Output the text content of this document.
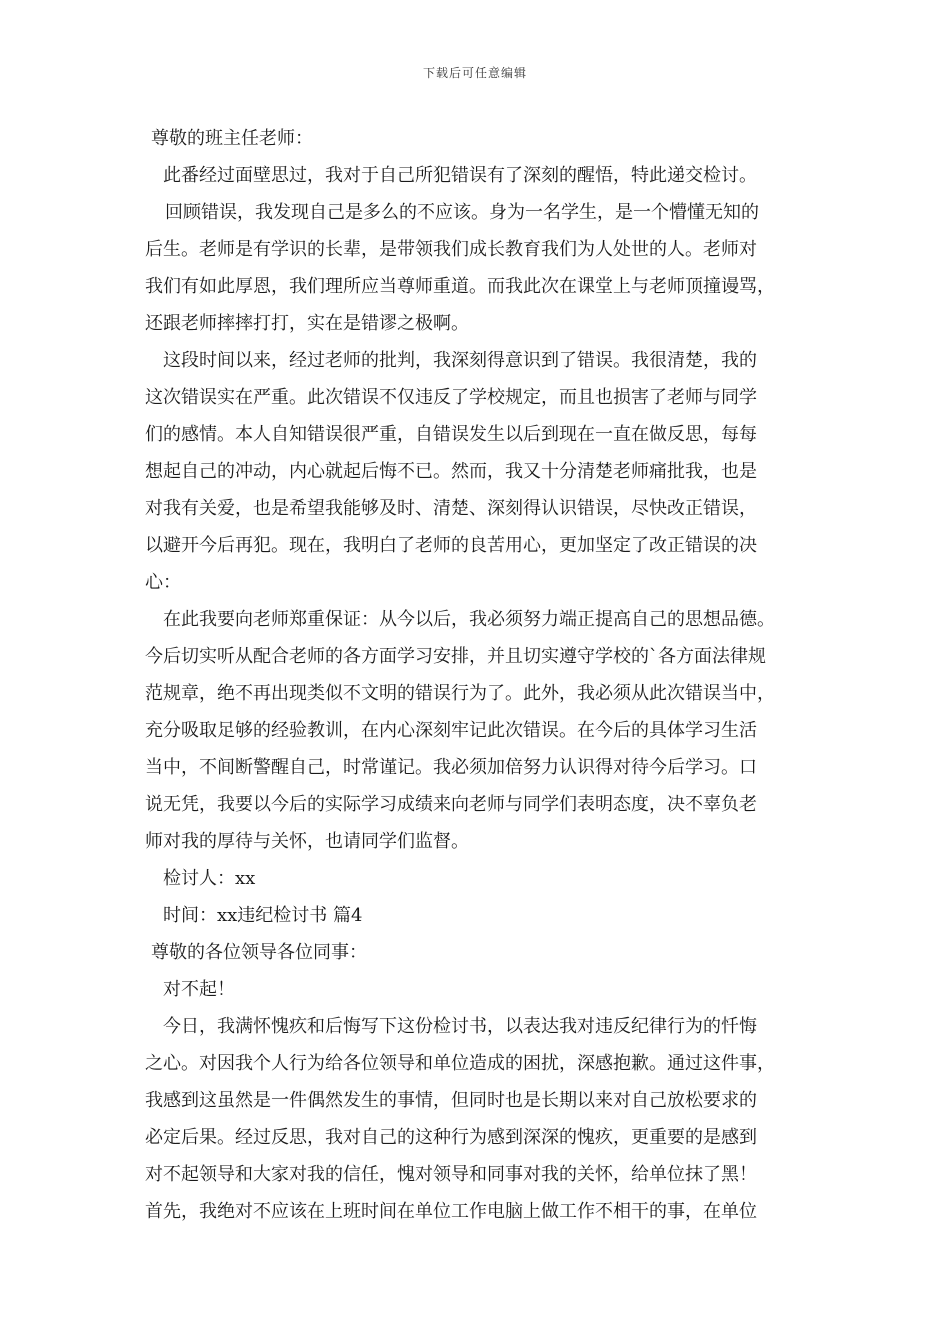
下载后可任意编辑
尊敬的班主任老师：
此番经过面壁思过，我对于自己所犯错误有了深刻的醒悟，特此递交检讨。
回顾错误，我发现自己是多么的不应该。身为一名学生，是一个懵懂无知的
后生。老师是有学识的长辈，是带领我们成长教育我们为人处世的人。老师对
我们有如此厚恩，我们理所应当尊师重道。而我此次在课堂上与老师顶撞谩骂，
还跟老师摔摔打打，实在是错谬之极啊。
这段时间以来，经过老师的批判，我深刻得意识到了错误。我很清楚，我的
这次错误实在严重。此次错误不仅违反了学校规定，而且也损害了老师与同学
们的感情。本人自知错误很严重，自错误发生以后到现在一直在做反思，每每
想起自己的冲动，内心就起后悔不已。然而，我又十分清楚老师痛批我，也是
对我有关爱，也是希望我能够及时、清楚、深刻得认识错误，尽快改正错误，
以避开今后再犯。现在，我明白了老师的良苦用心，更加坚定了改正错误的决
心：
在此我要向老师郑重保证：从今以后，我必须努力端正提高自己的思想品德。
今后切实听从配合老师的各方面学习安排，并且切实遵守学校的`各方面法律规
范规章，绝不再出现类似不文明的错误行为了。此外，我必须从此次错误当中，
充分吸取足够的经验教训，在内心深刻牢记此次错误。在今后的具体学习生活
当中，不间断警醒自己，时常谨记。我必须加倍努力认识得对待今后学习。口
说无凭，我要以今后的实际学习成绩来向老师与同学们表明态度，决不辜负老
师对我的厚待与关怀，也请同学们监督。
检讨人：xx
时间：xx违纪检讨书 篇4
尊敬的各位领导各位同事：
对不起！
今日，我满怀愧疚和后悔写下这份检讨书，以表达我对违反纪律行为的忏悔
之心。对因我个人行为给各位领导和单位造成的困扰，深感抱歉。通过这件事，
我感到这虽然是一件偶然发生的事情，但同时也是长期以来对自己放松要求的
必定后果。经过反思，我对自己的这种行为感到深深的愧疚，更重要的是感到
对不起领导和大家对我的信任，愧对领导和同事对我的关怀，给单位抹了黑！
首先，我绝对不应该在上班时间在单位工作电脑上做工作不相干的事，在单位
